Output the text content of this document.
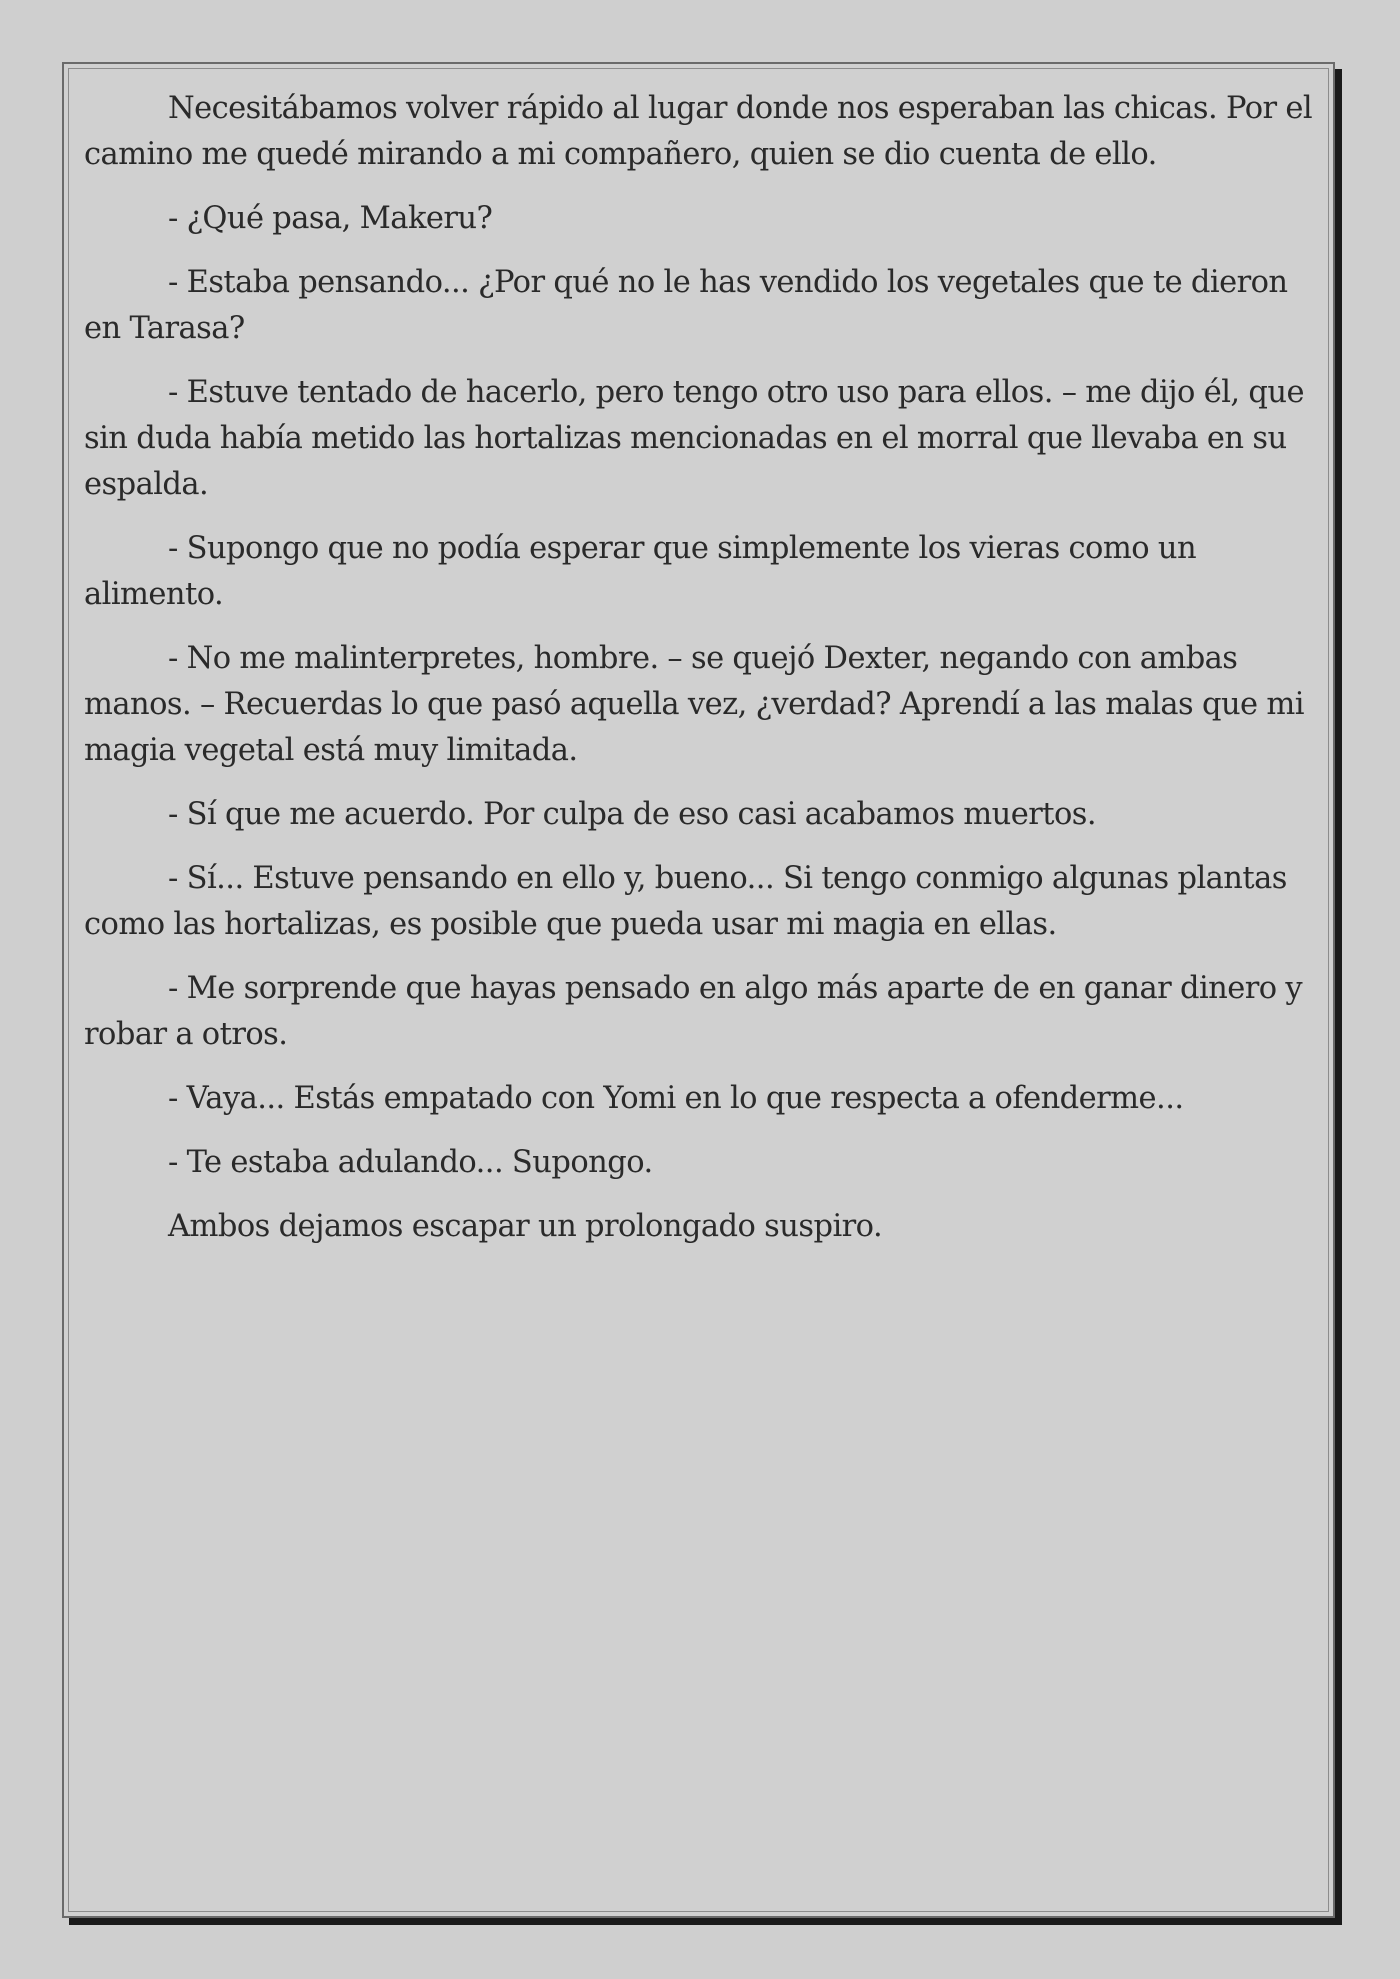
Necesitábamos volver rápido al lugar donde nos esperaban las chicas. Por el camino me quedé mirando a mi compañero, quien se dio cuenta de ello.

- ¿Qué pasa, Makeru?

- Estaba pensando... ¿Por qué no le has vendido los vegetales que te dieron en Tarasa?

- Estuve tentado de hacerlo, pero tengo otro uso para ellos. – me dijo él, que sin duda había metido las hortalizas mencionadas en el morral que llevaba en su espalda.

- Supongo que no podía esperar que simplemente los vieras como un alimento.

- No me malinterpretes, hombre. – se quejó Dexter, negando con ambas manos. – Recuerdas lo que pasó aquella vez, ¿verdad? Aprendí a las malas que mi magia vegetal está muy limitada.

- Sí que me acuerdo. Por culpa de eso casi acabamos muertos.

- Sí... Estuve pensando en ello y, bueno... Si tengo conmigo algunas plantas como las hortalizas, es posible que pueda usar mi magia en ellas.

- Me sorprende que hayas pensado en algo más aparte de en ganar dinero y robar a otros.

- Vaya... Estás empatado con Yomi en lo que respecta a ofenderme...

- Te estaba adulando... Supongo.

Ambos dejamos escapar un prolongado suspiro.
